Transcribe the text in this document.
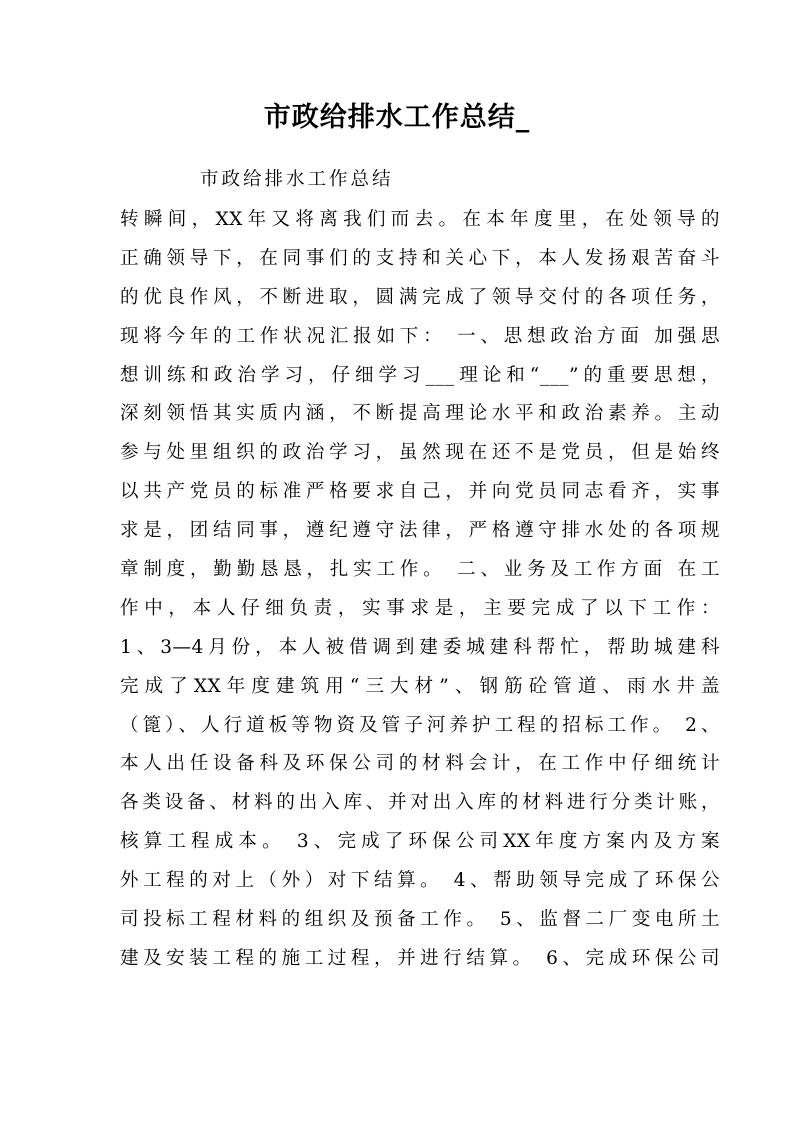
市政给排水工作总结_

市政给排水工作总结

转瞬间，XX年又将离我们而去。在本年度里，在处领导的
正确领导下，在同事们的支持和关心下，本人发扬艰苦奋斗
的优良作风，不断进取，圆满完成了领导交付的各项任务，
现将今年的工作状况汇报如下： 一、思想政治方面 加强思
想训练和政治学习，仔细学习___理论和“___”的重要思想，
深刻领悟其实质内涵，不断提高理论水平和政治素养。主动
参与处里组织的政治学习，虽然现在还不是党员，但是始终
以共产党员的标准严格要求自己，并向党员同志看齐，实事
求是，团结同事，遵纪遵守法律，严格遵守排水处的各项规
章制度，勤勤恳恳，扎实工作。 二、业务及工作方面 在工
作中，本人仔细负责，实事求是，主要完成了以下工作：
1、3—4月份，本人被借调到建委城建科帮忙，帮助城建科
完成了XX年度建筑用“三大材”、钢筋砼管道、雨水井盖
（篦）、人行道板等物资及管子河养护工程的招标工作。 2、
本人出任设备科及环保公司的材料会计，在工作中仔细统计
各类设备、材料的出入库、并对出入库的材料进行分类计账，
核算工程成本。 3、完成了环保公司XX年度方案内及方案
外工程的对上（外）对下结算。 4、帮助领导完成了环保公
司投标工程材料的组织及预备工作。 5、监督二厂变电所土
建及安装工程的施工过程，并进行结算。 6、完成环保公司
